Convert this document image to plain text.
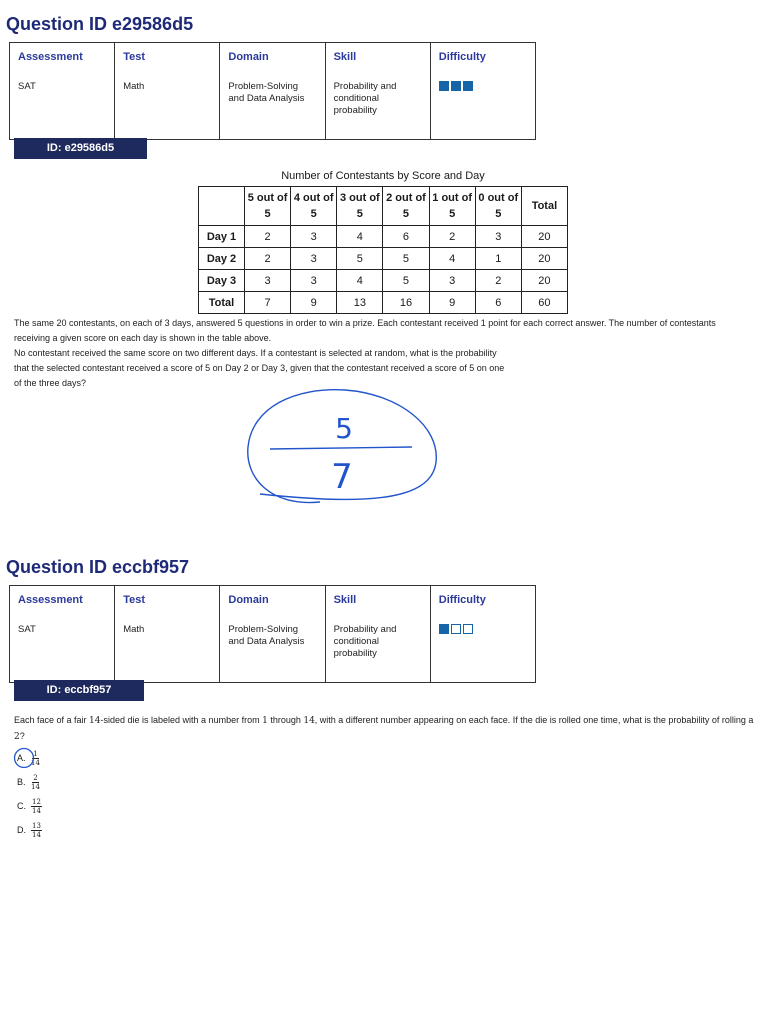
Question ID e29586d5
Assessment
SAT

Test
Math

Domain
Problem-Solving and Data Analysis

Skill
Probability and conditional probability

Difficulty
ID: e29586d5
Number of Contestants by Score and Day
	5 out of 5	4 out of 5	3 out of 5	2 out of 5	1 out of 5	0 out of 5	Total
Day 1	2	3	4	6	2	3	20
Day 2	2	3	5	5	4	1	20
Day 3	3	3	4	5	3	2	20
Total	7	9	13	16	9	6	60

The same 20 contestants, on each of 3 days, answered 5 questions in order to win a prize. Each contestant received 1 point for each correct answer. The number of contestants receiving a given score on each day is shown in the table above.

No contestant received the same score on two different days. If a contestant is selected at random, what is the probability that the selected contestant received a score of 5 on Day 2 or Day 3, given that the contestant received a score of 5 on one of the three days?

5
7
Question ID eccbf957
Assessment
SAT

Test
Math

Domain
Problem-Solving and Data Analysis

Skill
Probability and conditional probability

Difficulty
ID: eccbf957

Each face of a fair 14-sided die is labeled with a number from 1 through 14, with a different number appearing on each face. If the die is rolled one time, what is the probability of rolling a 2?

A. $\frac{1}{14}$
B. $\frac{2}{14}$
C. $\frac{12}{14}$
D. $\frac{13}{14}$
